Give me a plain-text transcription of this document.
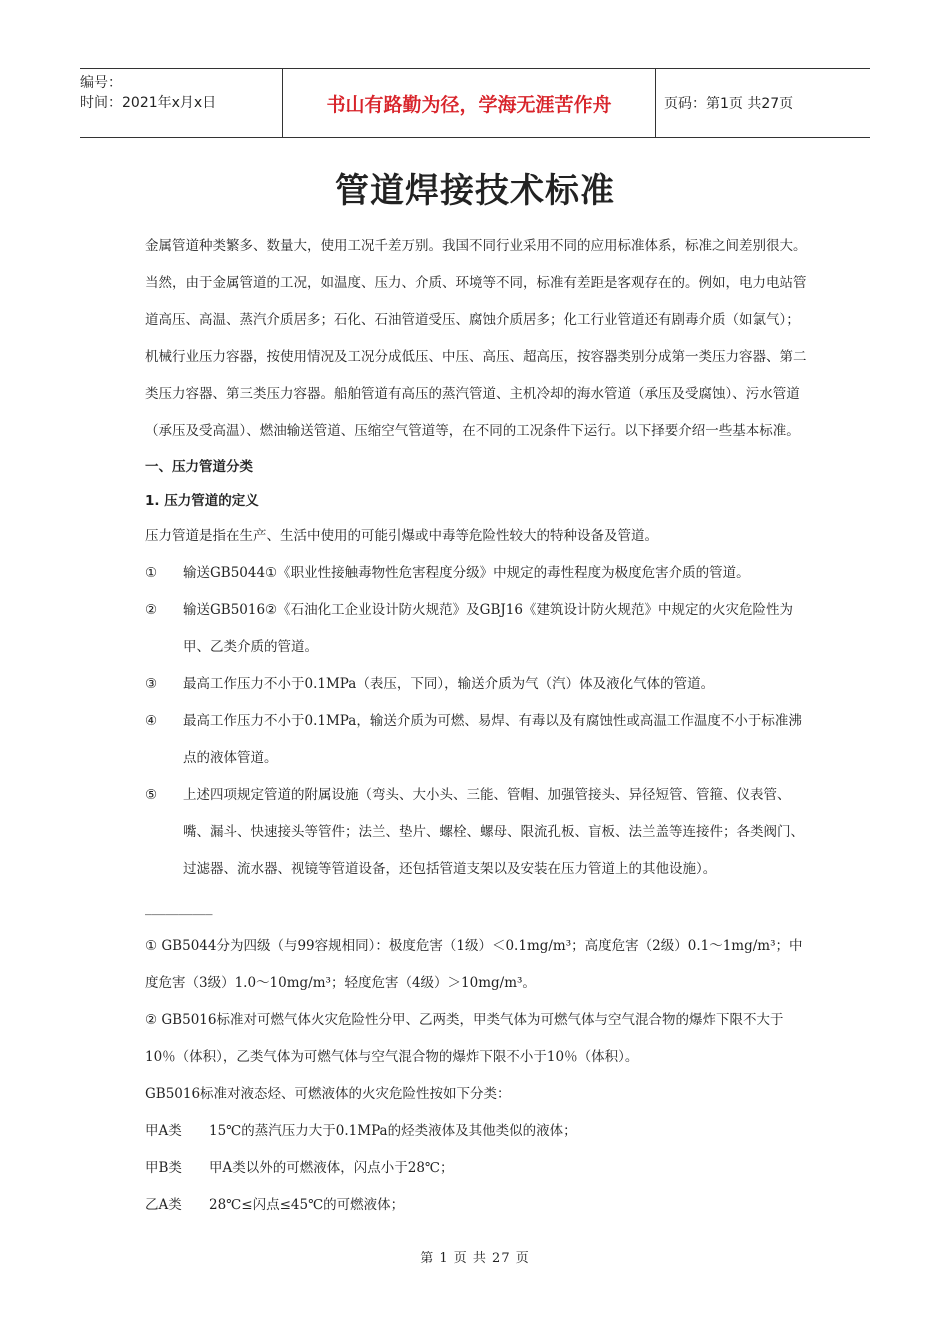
编号：
时间：2021年x月x日	书山有路勤为径，学海无涯苦作舟	页码：第1页 共27页
管道焊接技术标准

金属管道种类繁多、数量大，使用工况千差万别。我国不同行业采用不同的应用标准体系，标准之间差别很大。当然，由于金属管道的工况，如温度、压力、介质、环境等不同，标准有差距是客观存在的。例如，电力电站管道高压、高温、蒸汽介质居多；石化、石油管道受压、腐蚀介质居多；化工行业管道还有剧毒介质（如氯气）；机械行业压力容器，按使用情况及工况分成低压、中压、高压、超高压，按容器类别分成第一类压力容器、第二类压力容器、第三类压力容器。船舶管道有高压的蒸汽管道、主机冷却的海水管道（承压及受腐蚀）、污水管道（承压及受高温）、燃油输送管道、压缩空气管道等，在不同的工况条件下运行。以下择要介绍一些基本标准。

一、压力管道分类

1. 压力管道的定义

压力管道是指在生产、生活中使用的可能引爆或中毒等危险性较大的特种设备及管道。

①	输送GB5044①《职业性接触毒物性危害程度分级》中规定的毒性程度为极度危害介质的管道。
②	输送GB5016②《石油化工企业设计防火规范》及GBJ16《建筑设计防火规范》中规定的火灾危险性为甲、乙类介质的管道。
③	最高工作压力不小于0.1MPa（表压，下同），输送介质为气（汽）体及液化气体的管道。
④	最高工作压力不小于0.1MPa，输送介质为可燃、易焊、有毒以及有腐蚀性或高温工作温度不小于标准沸点的液体管道。
⑤	上述四项规定管道的附属设施（弯头、大小头、三能、管帽、加强管接头、异径短管、管箍、仪表管、嘴、漏斗、快速接头等管件；法兰、垫片、螺栓、螺母、限流孔板、盲板、法兰盖等连接件；各类阀门、过滤器、流水器、视镜等管道设备，还包括管道支架以及安装在压力管道上的其他设施）。

__________

① GB5044分为四级（与99容规相同）：极度危害（1级）＜0.1mg/m³；高度危害（2级）0.1～1mg/m³；中度危害（3级）1.0～10mg/m³；轻度危害（4级）＞10mg/m³。

② GB5016标准对可燃气体火灾危险性分甲、乙两类，甲类气体为可燃气体与空气混合物的爆炸下限不大于10％（体积），乙类气体为可燃气体与空气混合物的爆炸下限不小于10％（体积）。

GB5016标准对液态烃、可燃液体的火灾危险性按如下分类：

甲A类	15℃的蒸汽压力大于0.1MPa的烃类液体及其他类似的液体；
甲B类	甲A类以外的可燃液体，闪点小于28℃；
乙A类	28℃≤闪点≤45℃的可燃液体；
第 1 页 共 27 页
